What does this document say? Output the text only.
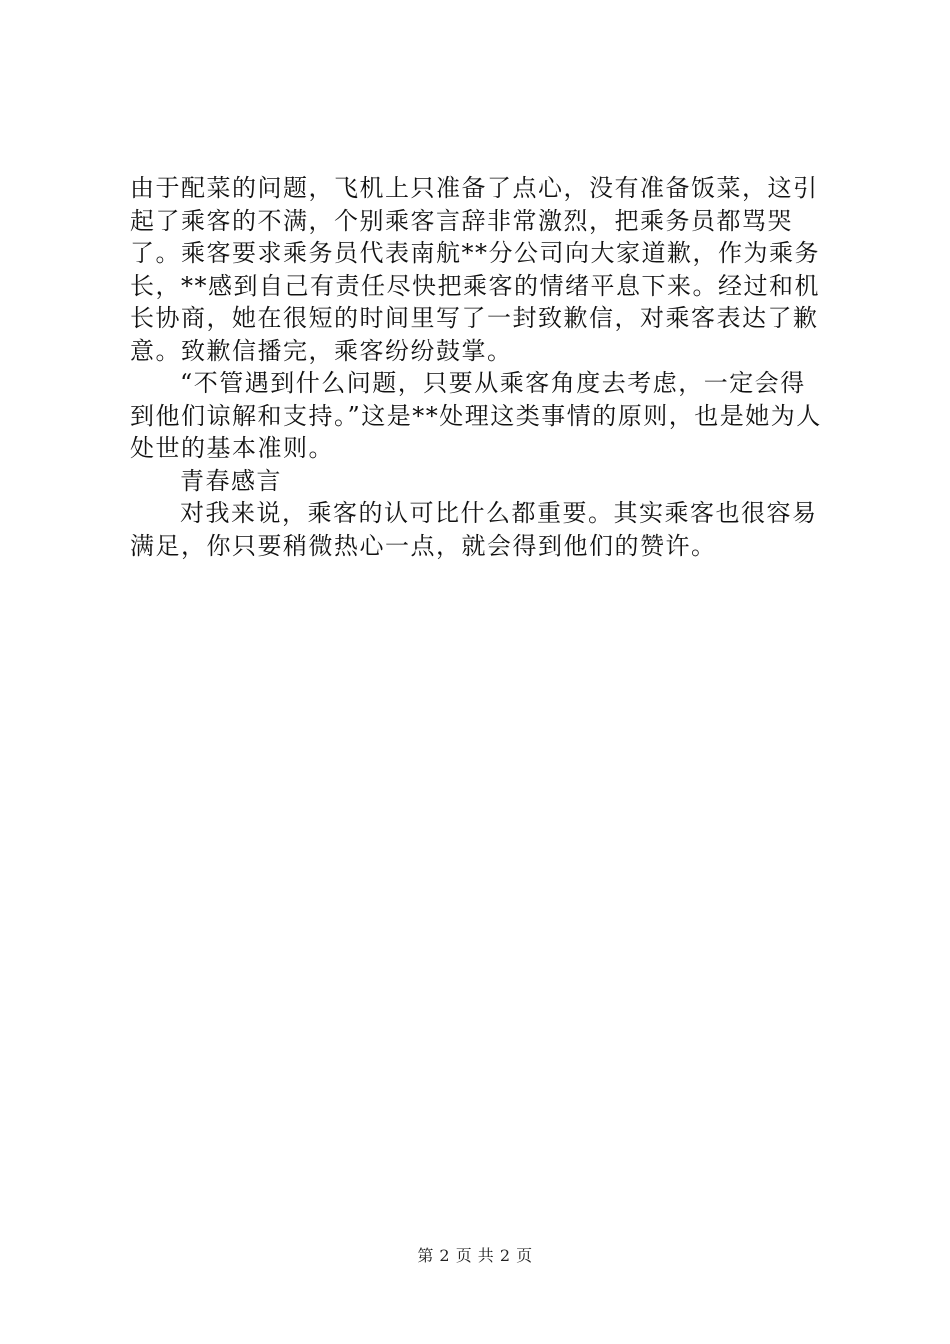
由于配菜的问题，飞机上只准备了点心，没有准备饭菜，这引起了乘客的不满，个别乘客言辞非常激烈，把乘务员都骂哭了。乘客要求乘务员代表南航**分公司向大家道歉，作为乘务长，**感到自己有责任尽快把乘客的情绪平息下来。经过和机长协商，她在很短的时间里写了一封致歉信，对乘客表达了歉意。致歉信播完，乘客纷纷鼓掌。

“不管遇到什么问题，只要从乘客角度去考虑，一定会得到他们谅解和支持。”这是**处理这类事情的原则，也是她为人处世的基本准则。

青春感言

对我来说，乘客的认可比什么都重要。其实乘客也很容易满足，你只要稍微热心一点，就会得到他们的赞许。

第 2 页 共 2 页
